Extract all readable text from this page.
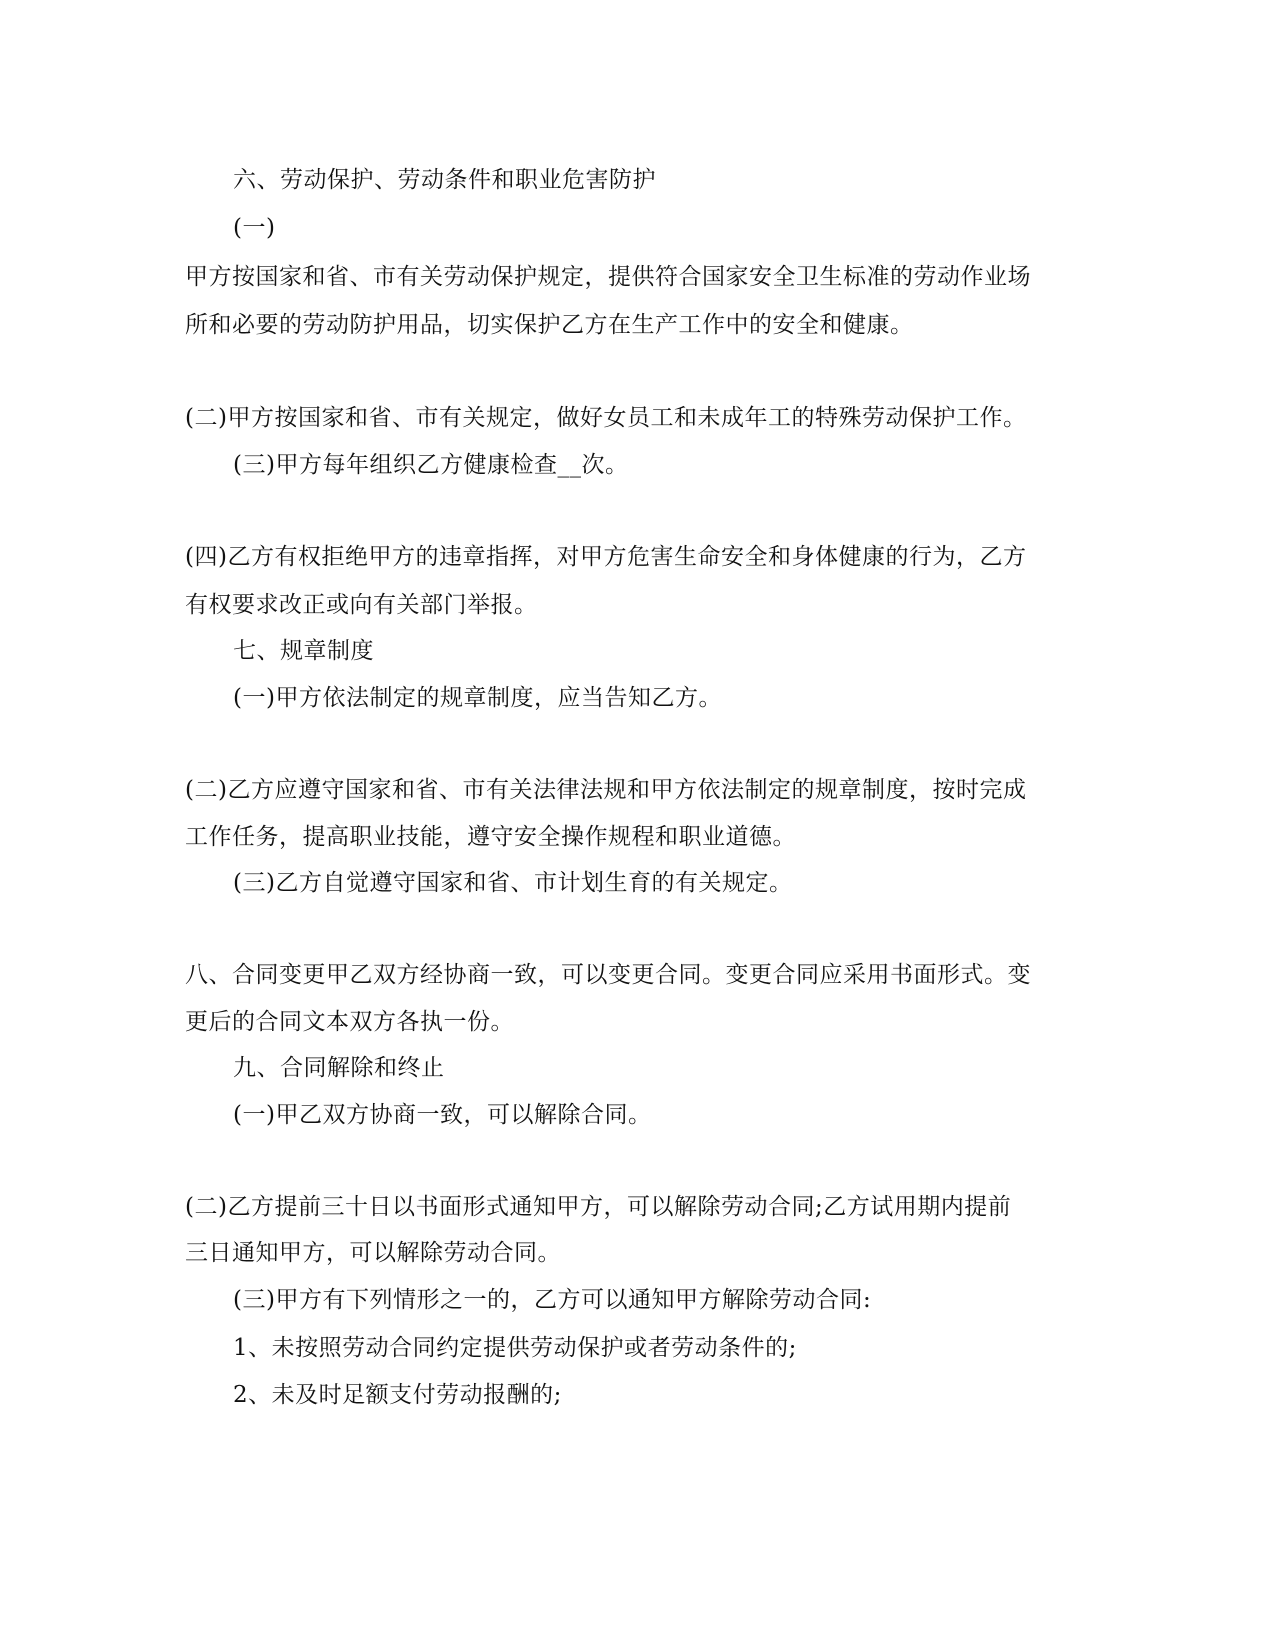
六、劳动保护、劳动条件和职业危害防护
(一)
甲方按国家和省、市有关劳动保护规定，提供符合国家安全卫生标准的劳动作业场
所和必要的劳动防护用品，切实保护乙方在生产工作中的安全和健康。
(二)甲方按国家和省、市有关规定，做好女员工和未成年工的特殊劳动保护工作。
(三)甲方每年组织乙方健康检查__次。
(四)乙方有权拒绝甲方的违章指挥，对甲方危害生命安全和身体健康的行为，乙方
有权要求改正或向有关部门举报。
七、规章制度
(一)甲方依法制定的规章制度，应当告知乙方。
(二)乙方应遵守国家和省、市有关法律法规和甲方依法制定的规章制度，按时完成
工作任务，提高职业技能，遵守安全操作规程和职业道德。
(三)乙方自觉遵守国家和省、市计划生育的有关规定。
八、合同变更甲乙双方经协商一致，可以变更合同。变更合同应采用书面形式。变
更后的合同文本双方各执一份。
九、合同解除和终止
(一)甲乙双方协商一致，可以解除合同。
(二)乙方提前三十日以书面形式通知甲方，可以解除劳动合同;乙方试用期内提前
三日通知甲方，可以解除劳动合同。
(三)甲方有下列情形之一的，乙方可以通知甲方解除劳动合同:
1、未按照劳动合同约定提供劳动保护或者劳动条件的;
2、未及时足额支付劳动报酬的;
